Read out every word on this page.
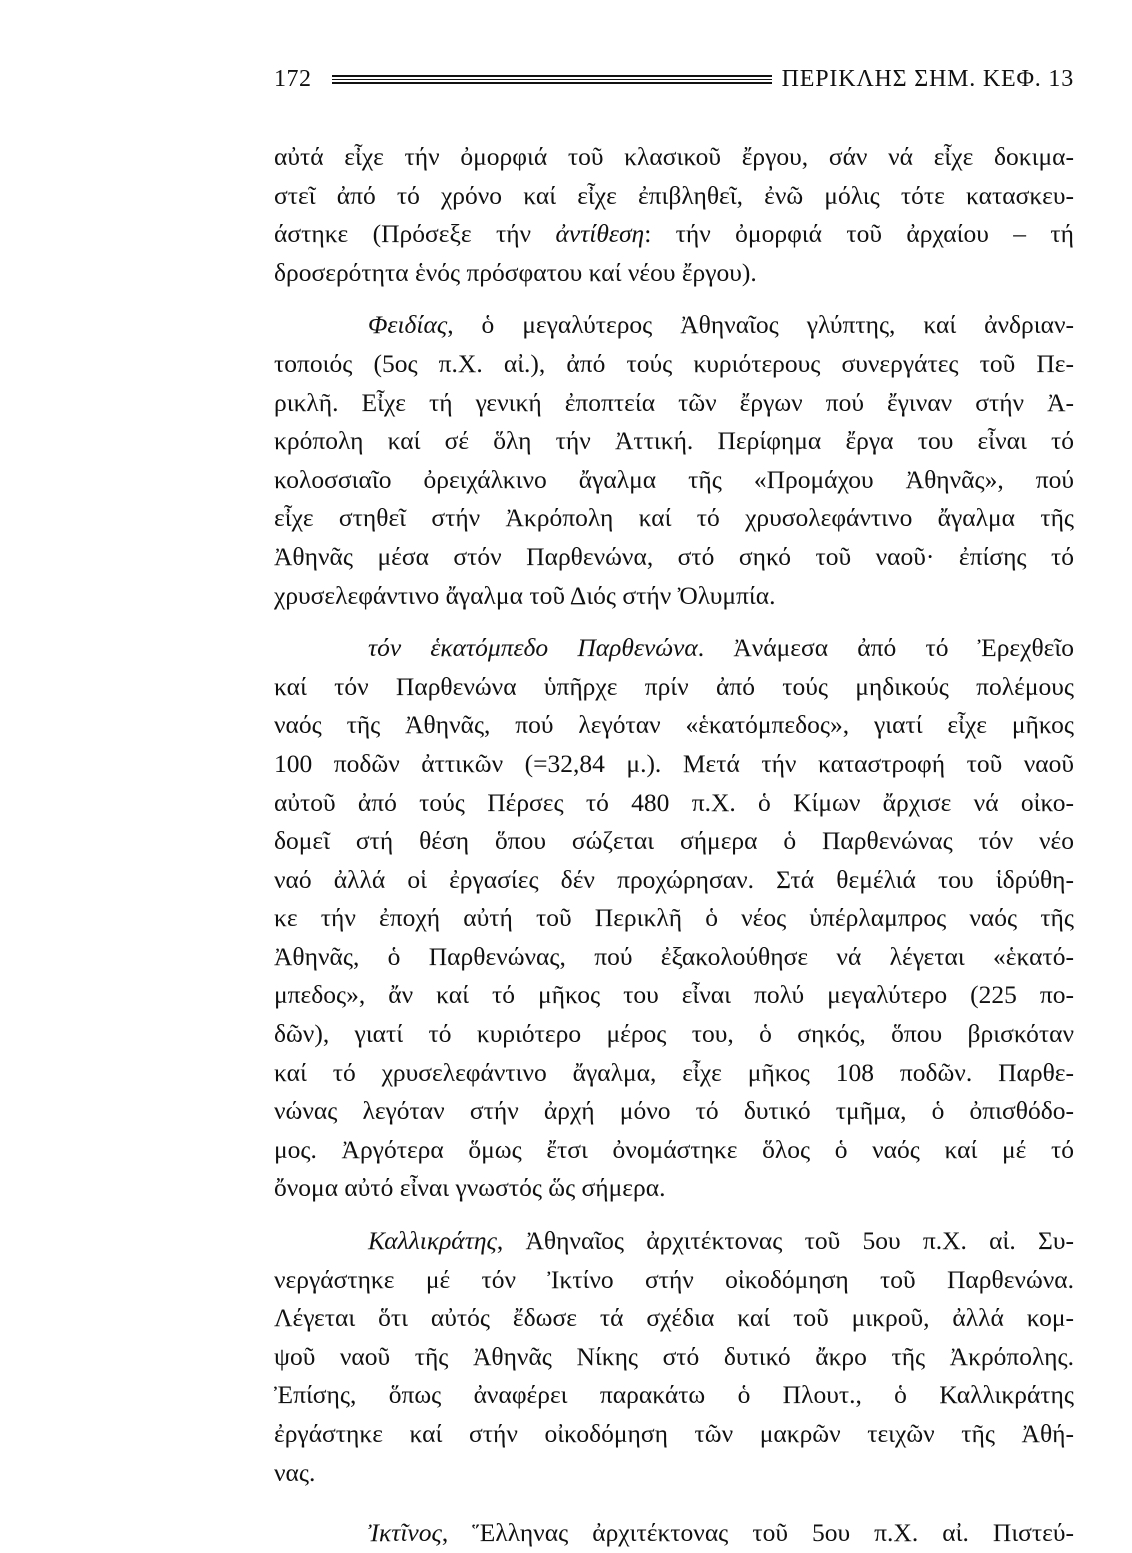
172	ΠΕΡΙΚΛΗΣ ΣΗΜ. ΚΕΦ. 13
αὐτά εἶχε τήν ὀμορφιά τοῦ κλασικοῦ ἔργου, σάν νά εἶχε δοκιμα-
στεῖ ἀπό τό χρόνο καί εἶχε ἐπιβληθεῖ, ἐνῶ μόλις τότε κατασκευ-
άστηκε (Πρόσεξε τήν ἀντίθεση: τήν ὀμορφιά τοῦ ἀρχαίου – τή
δροσερότητα ἑνός πρόσφατου καί νέου ἔργου).
Φειδίας, ὁ μεγαλύτερος Ἀθηναῖος γλύπτης, καί ἀνδριαν-
τοποιός (5ος π.Χ. αἰ.), ἀπό τούς κυριότερους συνεργάτες τοῦ Πε-
ρικλῆ. Εἶχε τή γενική ἐποπτεία τῶν ἔργων πού ἔγιναν στήν Ἀ-
κρόπολη καί σέ ὅλη τήν Ἀττική. Περίφημα ἔργα του εἶναι τό
κολοσσιαῖο ὀρειχάλκινο ἄγαλμα τῆς «Προμάχου Ἀθηνᾶς», πού
εἶχε στηθεῖ στήν Ἀκρόπολη καί τό χρυσολεφάντινο ἄγαλμα τῆς
Ἀθηνᾶς μέσα στόν Παρθενώνα, στό σηκό τοῦ ναοῦ· ἐπίσης τό
χρυσελεφάντινο ἄγαλμα τοῦ Διός στήν Ὀλυμπία.
τόν ἑκατόμπεδο Παρθενώνα. Ἀνάμεσα ἀπό τό Ἐρεχθεῖο
καί τόν Παρθενώνα ὑπῆρχε πρίν ἀπό τούς μηδικούς πολέμους
ναός τῆς Ἀθηνᾶς, πού λεγόταν «ἑκατόμπεδος», γιατί εἶχε μῆκος
100 ποδῶν ἀττικῶν (=32,84 μ.). Μετά τήν καταστροφή τοῦ ναοῦ
αὐτοῦ ἀπό τούς Πέρσες τό 480 π.Χ. ὁ Κίμων ἄρχισε νά οἰκο-
δομεῖ στή θέση ὅπου σώζεται σήμερα ὁ Παρθενώνας τόν νέο
ναό ἀλλά οἱ ἐργασίες δέν προχώρησαν. Στά θεμέλιά του ἱδρύθη-
κε τήν ἐποχή αὐτή τοῦ Περικλῆ ὁ νέος ὑπέρλαμπρος ναός τῆς
Ἀθηνᾶς, ὁ Παρθενώνας, πού ἐξακολούθησε νά λέγεται «ἑκατό-
μπεδος», ἄν καί τό μῆκος του εἶναι πολύ μεγαλύτερο (225 πο-
δῶν), γιατί τό κυριότερο μέρος του, ὁ σηκός, ὅπου βρισκόταν
καί τό χρυσελεφάντινο ἄγαλμα, εἶχε μῆκος 108 ποδῶν. Παρθε-
νώνας λεγόταν στήν ἀρχή μόνο τό δυτικό τμῆμα, ὁ ὀπισθόδο-
μος. Ἀργότερα ὅμως ἔτσι ὀνομάστηκε ὅλος ὁ ναός καί μέ τό
ὄνομα αὐτό εἶναι γνωστός ὥς σήμερα.
Καλλικράτης, Ἀθηναῖος ἀρχιτέκτονας τοῦ 5ου π.Χ. αἰ. Συ-
νεργάστηκε μέ τόν Ἰκτίνο στήν οἰκοδόμηση τοῦ Παρθενώνα.
Λέγεται ὅτι αὐτός ἔδωσε τά σχέδια καί τοῦ μικροῦ, ἀλλά κομ-
ψοῦ ναοῦ τῆς Ἀθηνᾶς Νίκης στό δυτικό ἄκρο τῆς Ἀκρόπολης.
Ἐπίσης, ὅπως ἀναφέρει παρακάτω ὁ Πλουτ., ὁ Καλλικράτης
ἐργάστηκε καί στήν οἰκοδόμηση τῶν μακρῶν τειχῶν τῆς Ἀθή-
νας.
Ἰκτῖνος, Ἕλληνας ἀρχιτέκτονας τοῦ 5ου π.Χ. αἰ. Πιστεύ-
